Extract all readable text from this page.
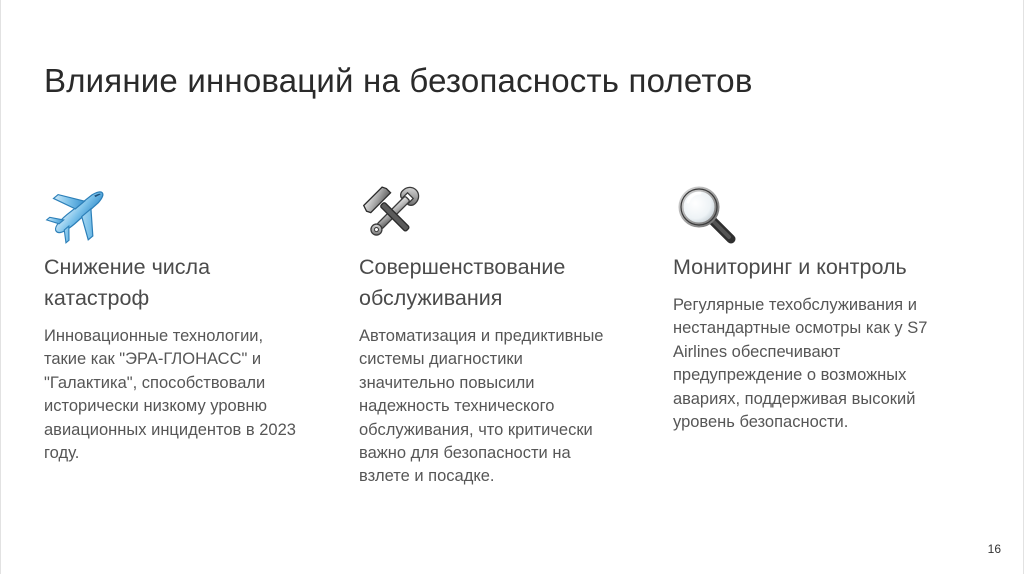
Влияние инноваций на безопасность полетов
Снижение числа катастроф

Инновационные технологии, такие как "ЭРА-ГЛОНАСС" и "Галактика", способствовали исторически низкому уровню авиационных инцидентов в 2023 году.

Совершенствование обслуживания

Автоматизация и предиктивные системы диагностики значительно повысили надежность технического обслуживания, что критически важно для безопасности на взлете и посадке.

Мониторинг и контроль

Регулярные техобслуживания и нестандартные осмотры как у S7 Airlines обеспечивают предупреждение о возможных авариях, поддерживая высокий уровень безопасности.

16
